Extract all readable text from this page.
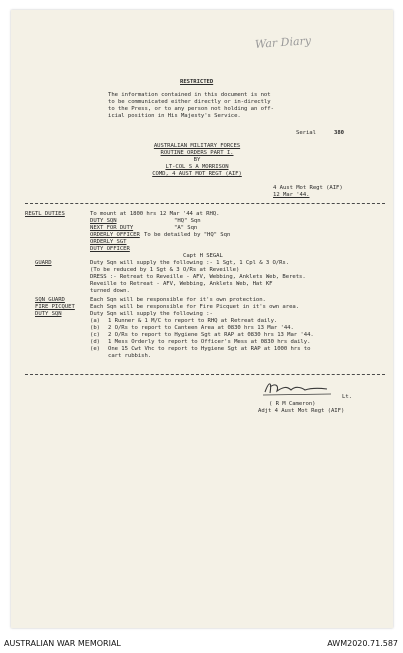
War Diary
RESTRICTED
The information contained in this document is not
to be communicated either directly or in-directly
to the Press, or to any person not holding an off-
icial position in His Majesty's Service.
Serial	380
AUSTRALIAN MILITARY FORCES
ROUTINE ORDERS PART I.
BY
LT-COL S A MORRISON
COMD, 4 AUST MOT REGT (AIF)
4 Aust Mot Regt (AIF)
12 Mar '44.
REGTL DUTIES	To mount at 1800 hrs 12 Mar '44 at RHQ.
DUTY SQN	"HQ" Sqn
NEXT FOR DUTY	"A" Sqn
ORDERLY OFFICER To be detailed by "HQ" Sqn
ORDERLY SGT
DUTY OFFICER
Capt H SEGAL
GUARD	Duty Sqn will supply the following :- 1 Sgt, 1 Cpl & 3 O/Rs.
(To be reduced by 1 Sgt & 3 O/Rs at Reveille)
DRESS :- Retreat to Reveille - AFV, Webbing, Anklets Web, Berets.
Reveille to Retreat - AFV, Webbing, Anklets Web, Hat KF
turned down.
SQN GUARD	Each Sqn will be responsible for it's own protection.
FIRE PICQUET	Each Sqn will be responsible for Fire Picquet in it's own area.
DUTY SQN	Duty Sqn will supply the following :-
(a) 1 Runner & 1 M/C to report to RHQ at Retreat daily.
(b) 2 O/Rs to report to Canteen Area at 0830 hrs 13 Mar '44.
(c) 2 O/Rs to report to Hygiene Sgt at RAP at 0830 hrs 13 Mar '44.
(d) 1 Mess Orderly to report to Officer's Mess at 0830 hrs daily.
(e) One 15 Cwt Vhc to report to Hygiene Sgt at RAP at 1000 hrs to
cart rubbish.
Lt.
( R M Cameron)
Adjt 4 Aust Mot Regt (AIF)
AUSTRALIAN WAR MEMORIAL	AWM2020.71.587
